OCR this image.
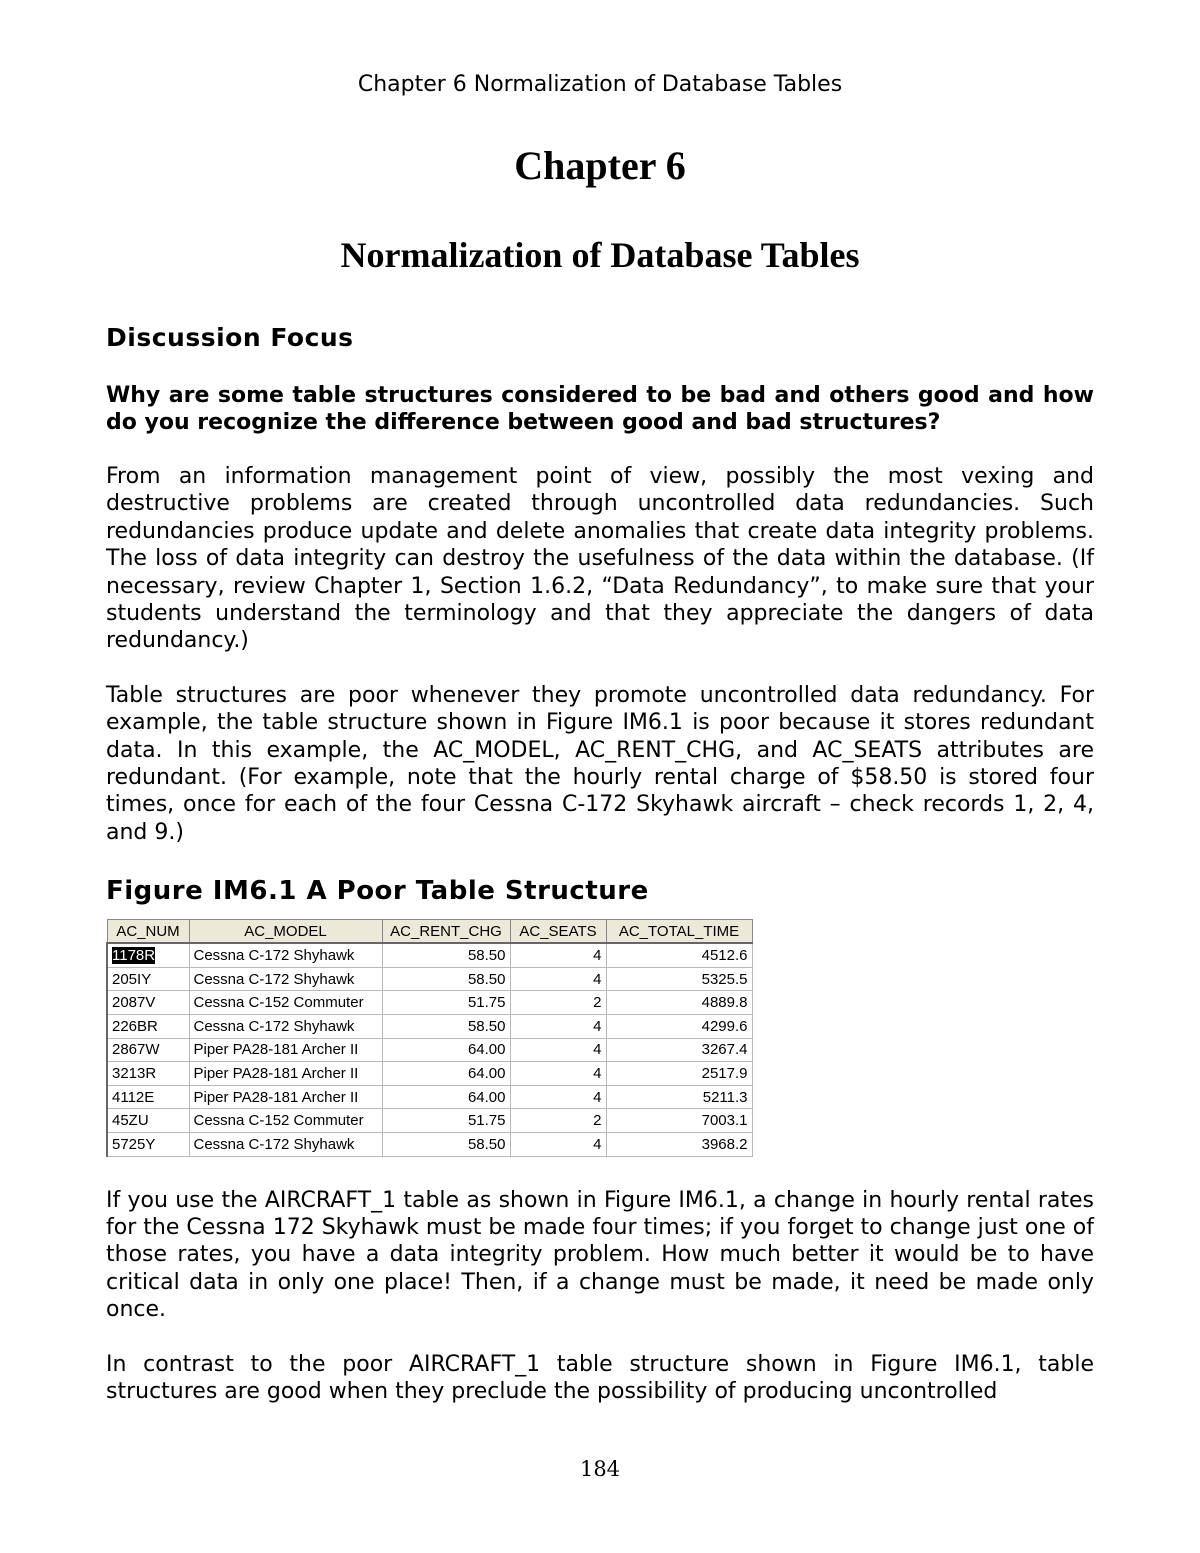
Chapter 6 Normalization of Database Tables
Chapter 6
Normalization of Database Tables
Discussion Focus
Why are some table structures considered to be bad and others good and how do you recognize the difference between good and bad structures?
From an information management point of view, possibly the most vexing and destructive problems are created through uncontrolled data redundancies. Such redundancies produce update and delete anomalies that create data integrity problems. The loss of data integrity can destroy the usefulness of the data within the database. (If necessary, review Chapter 1, Section 1.6.2, “Data Redundancy”, to make sure that your students understand the terminology and that they appreciate the dangers of data redundancy.)
Table structures are poor whenever they promote uncontrolled data redundancy. For example, the table structure shown in Figure IM6.1 is poor because it stores redundant data. In this example, the AC_MODEL, AC_RENT_CHG, and AC_SEATS attributes are redundant. (For example, note that the hourly rental charge of $58.50 is stored four times, once for each of the four Cessna C-172 Skyhawk aircraft – check records 1, 2, 4, and 9.)
Figure IM6.1 A Poor Table Structure
AC_NUM	AC_MODEL	AC_RENT_CHG	AC_SEATS	AC_TOTAL_TIME
1178R	Cessna C-172 Shyhawk	58.50	4	4512.6
205IY	Cessna C-172 Shyhawk	58.50	4	5325.5
2087V	Cessna C-152 Commuter	51.75	2	4889.8
226BR	Cessna C-172 Shyhawk	58.50	4	4299.6
2867W	Piper PA28-181 Archer II	64.00	4	3267.4
3213R	Piper PA28-181 Archer II	64.00	4	2517.9
4112E	Piper PA28-181 Archer II	64.00	4	5211.3
45ZU	Cessna C-152 Commuter	51.75	2	7003.1
5725Y	Cessna C-172 Shyhawk	58.50	4	3968.2
If you use the AIRCRAFT_1 table as shown in Figure IM6.1, a change in hourly rental rates for the Cessna 172 Skyhawk must be made four times; if you forget to change just one of those rates, you have a data integrity problem. How much better it would be to have critical data in only one place! Then, if a change must be made, it need be made only once.
In contrast to the poor AIRCRAFT_1 table structure shown in Figure IM6.1, table structures are good when they preclude the possibility of producing uncontrolled
184
